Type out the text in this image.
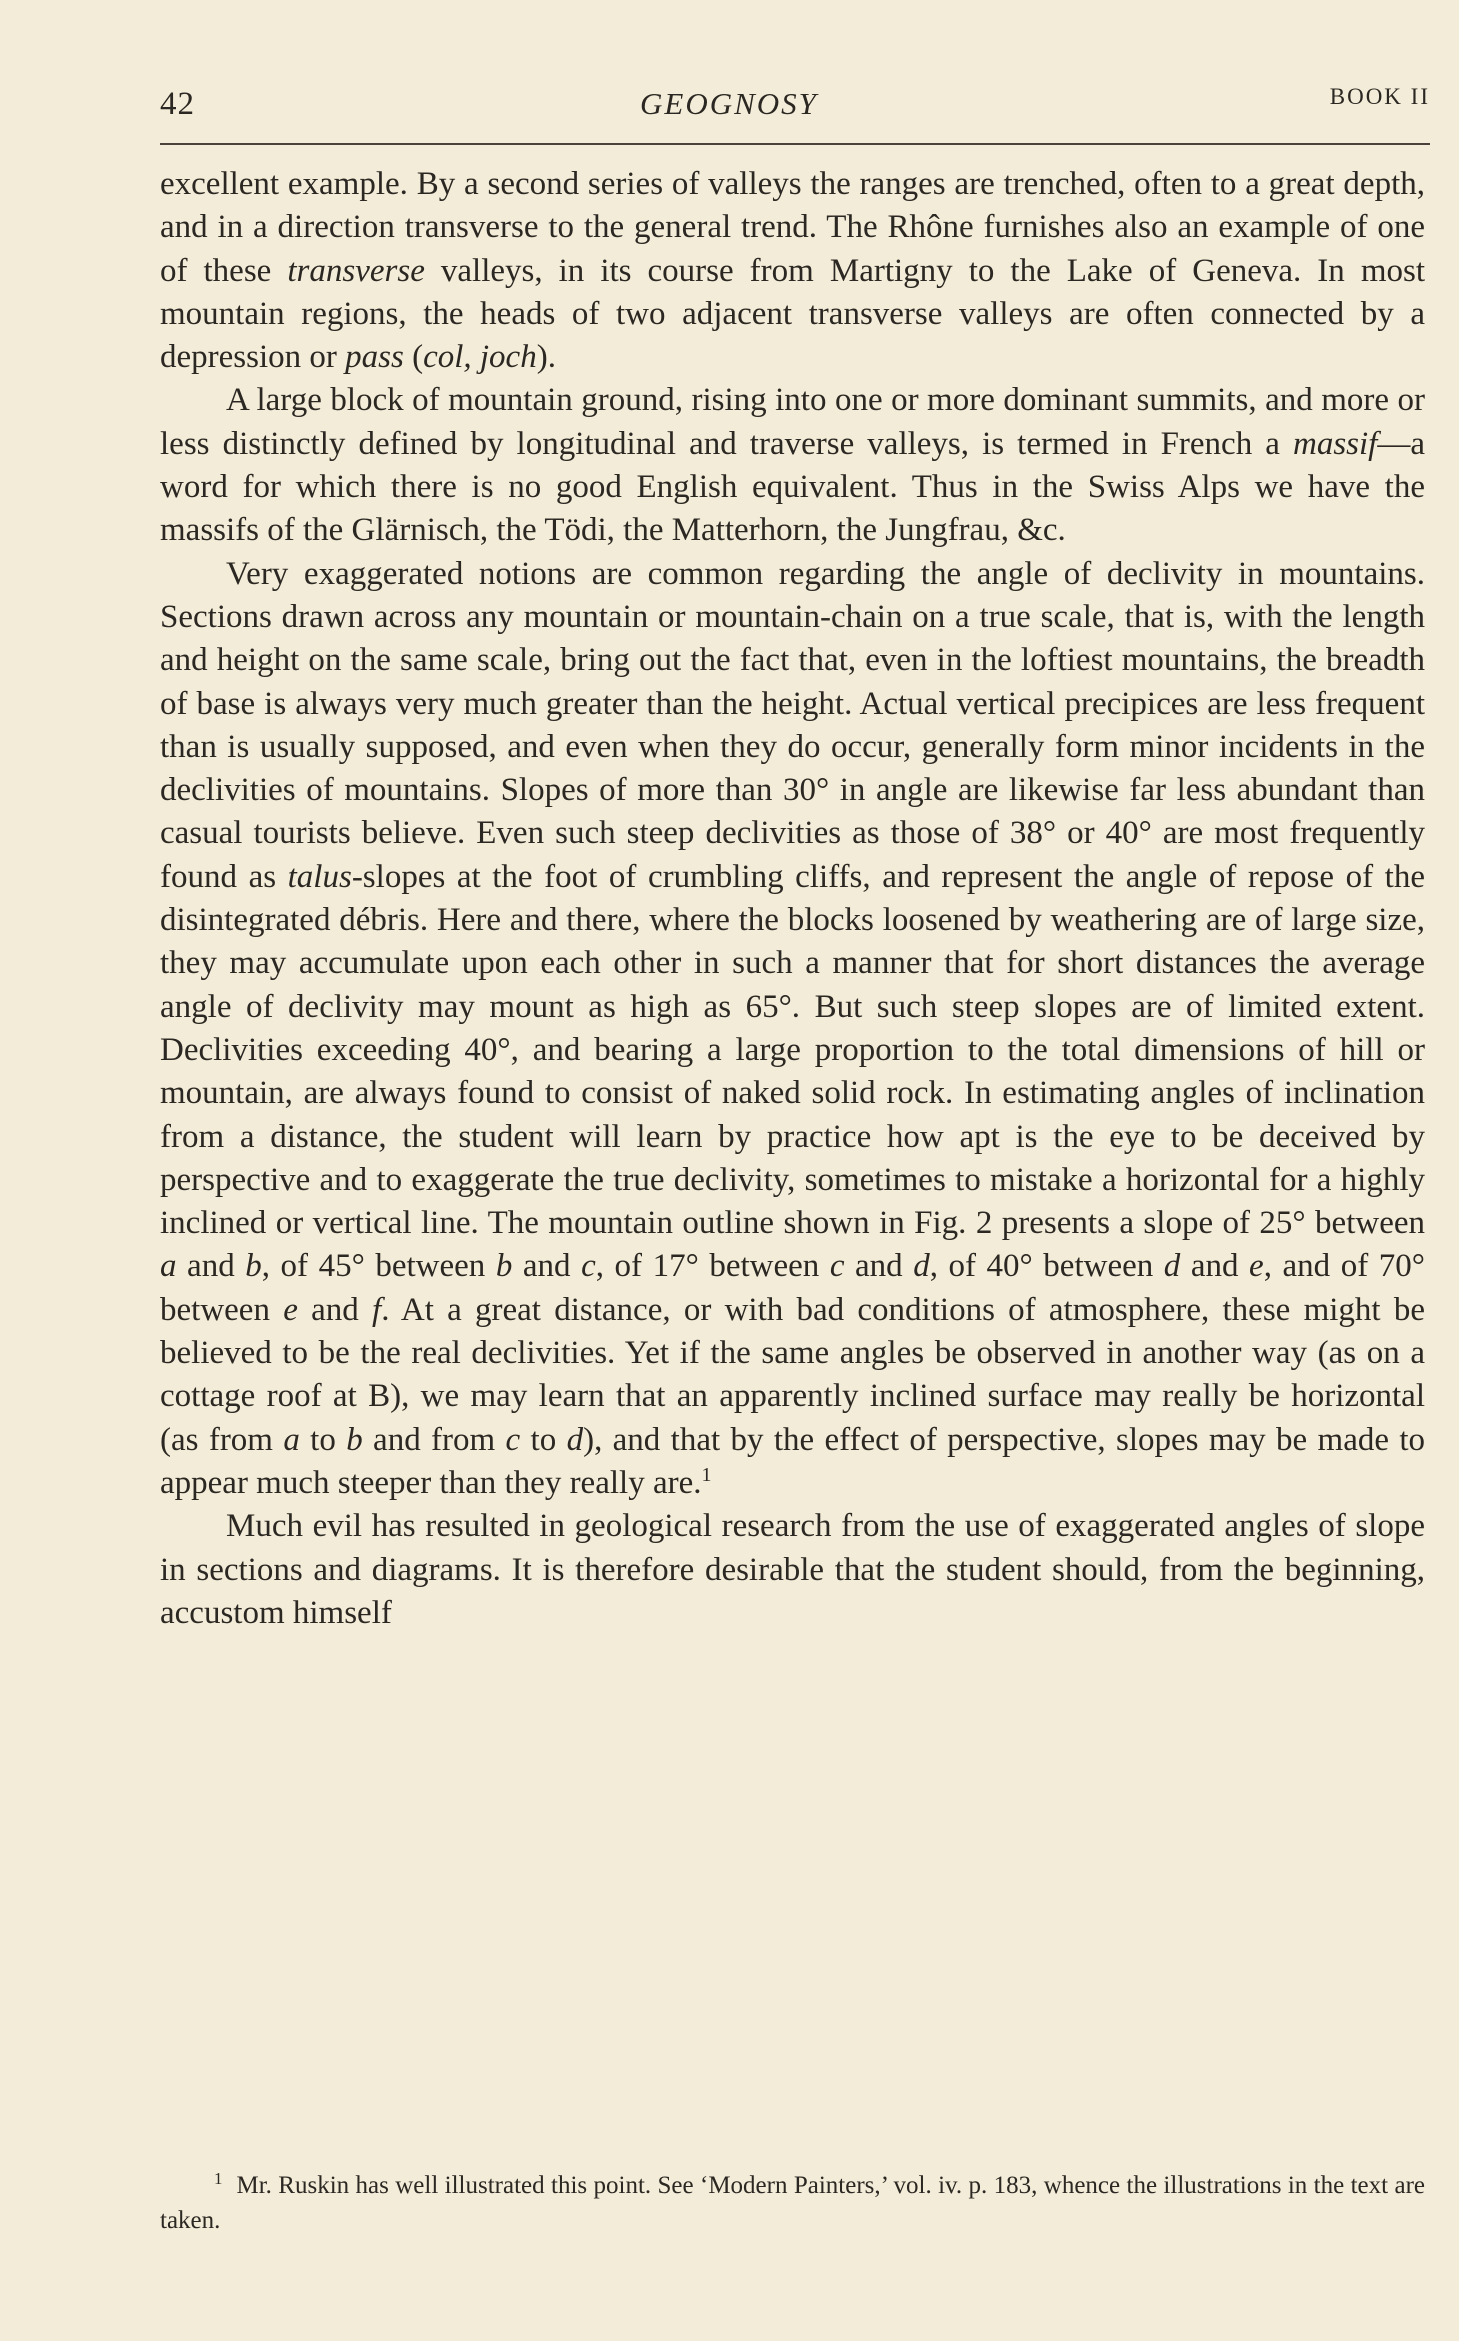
42	GEOGNOSY	BOOK II

excellent example. By a second series of valleys the ranges are trenched, often to a great depth, and in a direction transverse to the general trend. The Rhône furnishes also an example of one of these transverse valleys, in its course from Martigny to the Lake of Geneva. In most mountain regions, the heads of two adjacent transverse valleys are often connected by a depression or pass (col, joch).

A large block of mountain ground, rising into one or more dominant summits, and more or less distinctly defined by longitudinal and traverse valleys, is termed in French a massif—a word for which there is no good English equivalent. Thus in the Swiss Alps we have the massifs of the Glärnisch, the Tödi, the Matterhorn, the Jungfrau, &c.

Very exaggerated notions are common regarding the angle of declivity in mountains. Sections drawn across any mountain or mountain-chain on a true scale, that is, with the length and height on the same scale, bring out the fact that, even in the loftiest mountains, the breadth of base is always very much greater than the height. Actual vertical precipices are less frequent than is usually supposed, and even when they do occur, generally form minor incidents in the declivities of mountains. Slopes of more than 30° in angle are likewise far less abundant than casual tourists believe. Even such steep declivities as those of 38° or 40° are most frequently found as talus-slopes at the foot of crumbling cliffs, and represent the angle of repose of the disintegrated débris. Here and there, where the blocks loosened by weathering are of large size, they may accumulate upon each other in such a manner that for short distances the average angle of declivity may mount as high as 65°. But such steep slopes are of limited extent. Declivities exceeding 40°, and bearing a large proportion to the total dimensions of hill or mountain, are always found to consist of naked solid rock. In estimating angles of inclination from a distance, the student will learn by practice how apt is the eye to be deceived by perspective and to exaggerate the true declivity, sometimes to mistake a horizontal for a highly inclined or vertical line. The mountain outline shown in Fig. 2 presents a slope of 25° between a and b, of 45° between b and c, of 17° between c and d, of 40° between d and e, and of 70° between e and f. At a great distance, or with bad conditions of atmosphere, these might be believed to be the real declivities. Yet if the same angles be observed in another way (as on a cottage roof at B), we may learn that an apparently inclined surface may really be horizontal (as from a to b and from c to d), and that by the effect of perspective, slopes may be made to appear much steeper than they really are.$^1$

Much evil has resulted in geological research from the use of exaggerated angles of slope in sections and diagrams. It is therefore desirable that the student should, from the beginning, accustom himself

$^1$ Mr. Ruskin has well illustrated this point. See ‘Modern Painters,’ vol. iv. p. 183, whence the illustrations in the text are taken.
